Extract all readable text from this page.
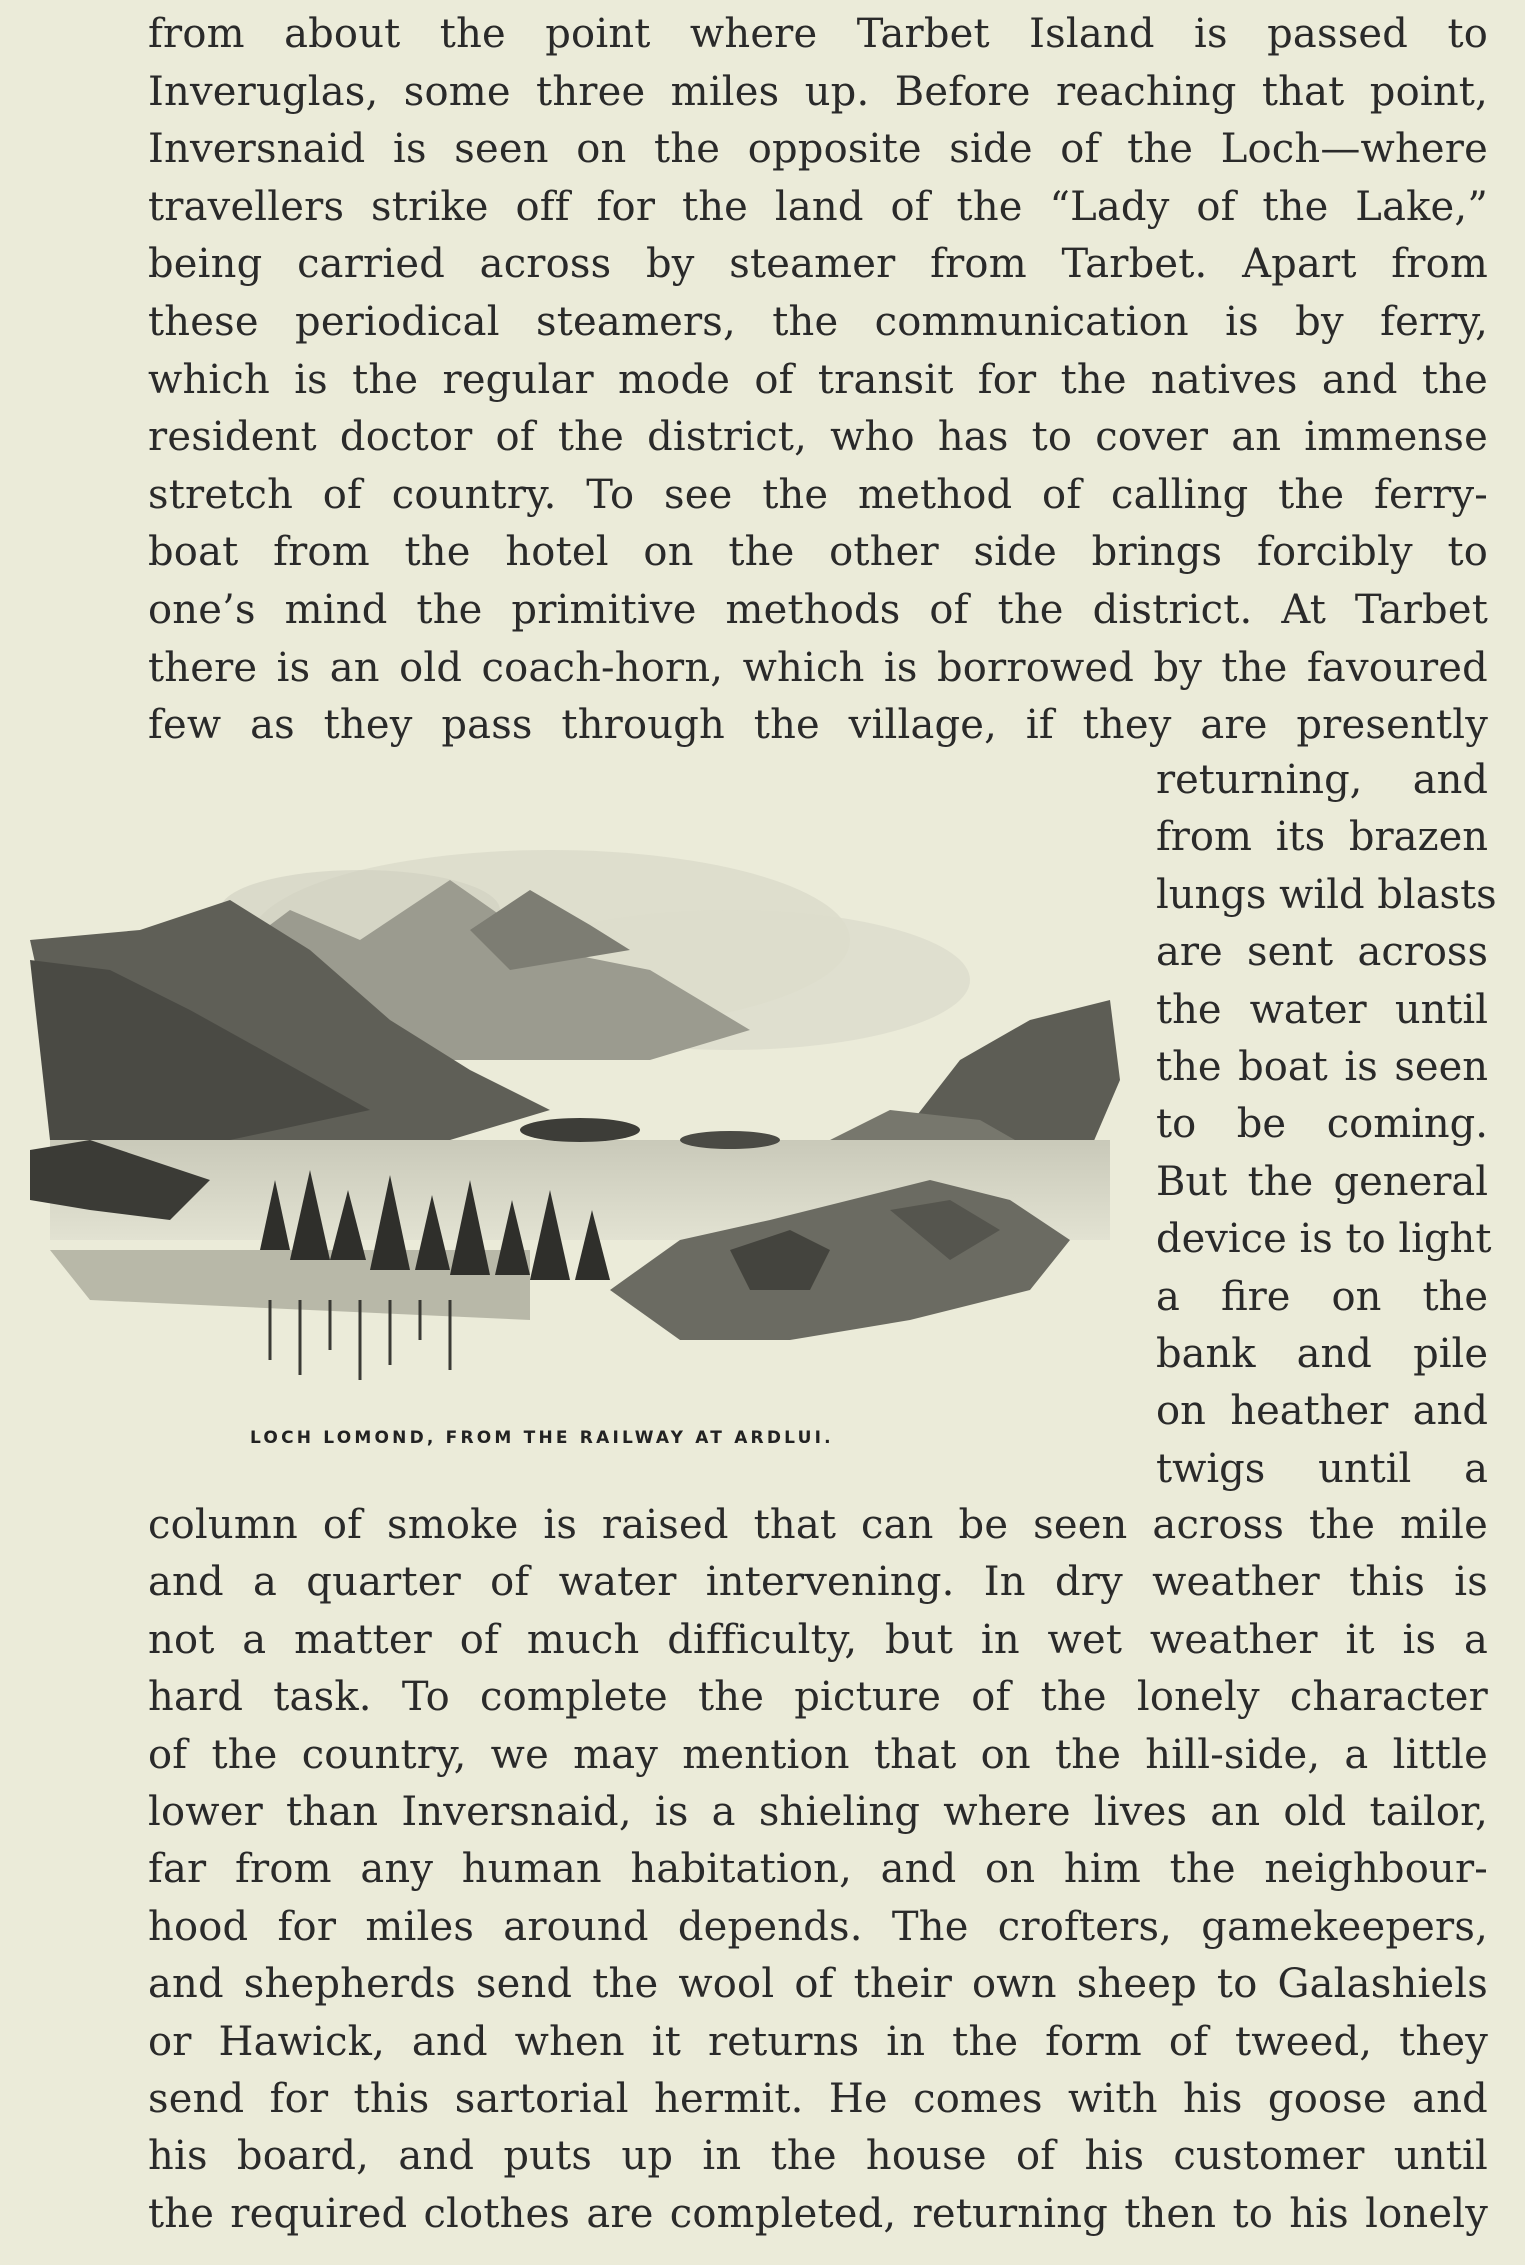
from about the point where Tarbet Island is passed to
Inveruglas, some three miles up. Before reaching that point,
Inversnaid is seen on the opposite side of the Loch—where
travellers strike off for the land of the “Lady of the Lake,”
being carried across by steamer from Tarbet. Apart from
these periodical steamers, the communication is by ferry,
which is the regular mode of transit for the natives and the
resident doctor of the district, who has to cover an immense
stretch of country. To see the method of calling the ferry-
boat from the hotel on the other side brings forcibly to
one’s mind the primitive methods of the district. At Tarbet
there is an old coach-horn, which is borrowed by the favoured
few as they pass through the village, if they are presently
returning, and
from its brazen
lungs wild blasts
are sent across
the water until
the boat is seen
to be coming.
But the general
device is to light
a fire on the
bank and pile
on heather and
twigs until a
column of smoke is raised that can be seen across the mile
and a quarter of water intervening. In dry weather this is
not a matter of much difficulty, but in wet weather it is a
hard task. To complete the picture of the lonely character
of the country, we may mention that on the hill-side, a little
lower than Inversnaid, is a shieling where lives an old tailor,
far from any human habitation, and on him the neighbour-
hood for miles around depends. The crofters, gamekeepers,
and shepherds send the wool of their own sheep to Galashiels
or Hawick, and when it returns in the form of tweed, they
send for this sartorial hermit. He comes with his goose and
his board, and puts up in the house of his customer until
the required clothes are completed, returning then to his lonely
LOCH LOMOND, FROM THE RAILWAY AT ARDLUI.
